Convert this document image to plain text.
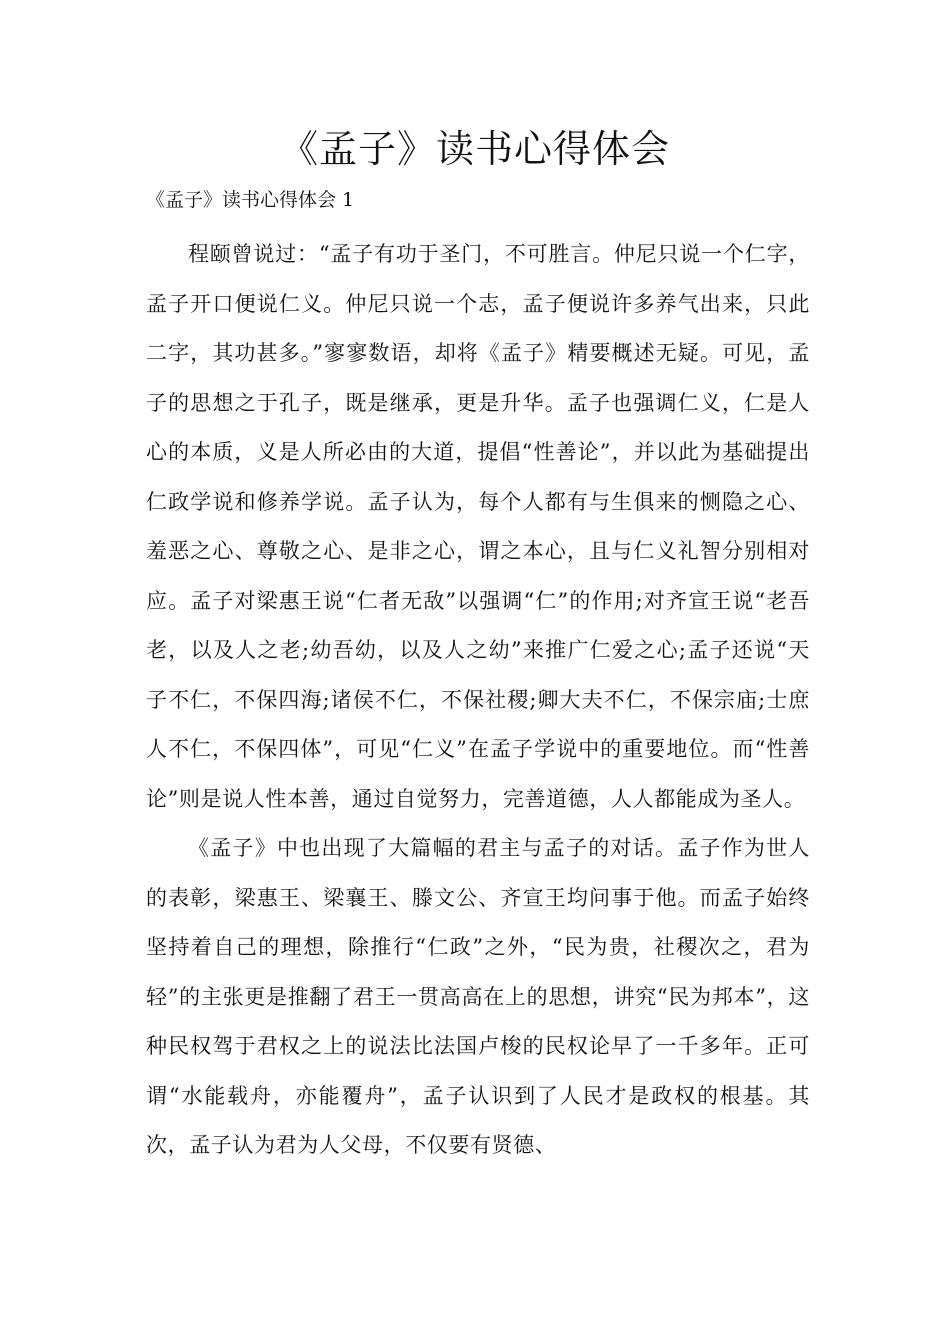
《孟子》读书心得体会

《孟子》读书心得体会 1

程颐曾说过：“孟子有功于圣门，不可胜言。仲尼只说一个仁字，孟子开口便说仁义。仲尼只说一个志，孟子便说许多养气出来，只此二字，其功甚多。”寥寥数语，却将《孟子》精要概述无疑。可见，孟子的思想之于孔子，既是继承，更是升华。孟子也强调仁义，仁是人心的本质，义是人所必由的大道，提倡“性善论”，并以此为基础提出仁政学说和修养学说。孟子认为，每个人都有与生俱来的恻隐之心、羞恶之心、尊敬之心、是非之心，谓之本心，且与仁义礼智分别相对应。孟子对梁惠王说“仁者无敌”以强调“仁”的作用;对齐宣王说“老吾老，以及人之老;幼吾幼，以及人之幼”来推广仁爱之心;孟子还说“天子不仁，不保四海;诸侯不仁，不保社稷;卿大夫不仁，不保宗庙;士庶人不仁，不保四体”，可见“仁义”在孟子学说中的重要地位。而“性善论”则是说人性本善，通过自觉努力，完善道德，人人都能成为圣人。

《孟子》中也出现了大篇幅的君主与孟子的对话。孟子作为世人的表彰，梁惠王、梁襄王、滕文公、齐宣王均问事于他。而孟子始终坚持着自己的理想，除推行“仁政”之外，“民为贵，社稷次之，君为轻”的主张更是推翻了君王一贯高高在上的思想，讲究“民为邦本”，这种民权驾于君权之上的说法比法国卢梭的民权论早了一千多年。正可谓“水能载舟，亦能覆舟”，孟子认识到了人民才是政权的根基。其次，孟子认为君为人父母，不仅要有贤德、
